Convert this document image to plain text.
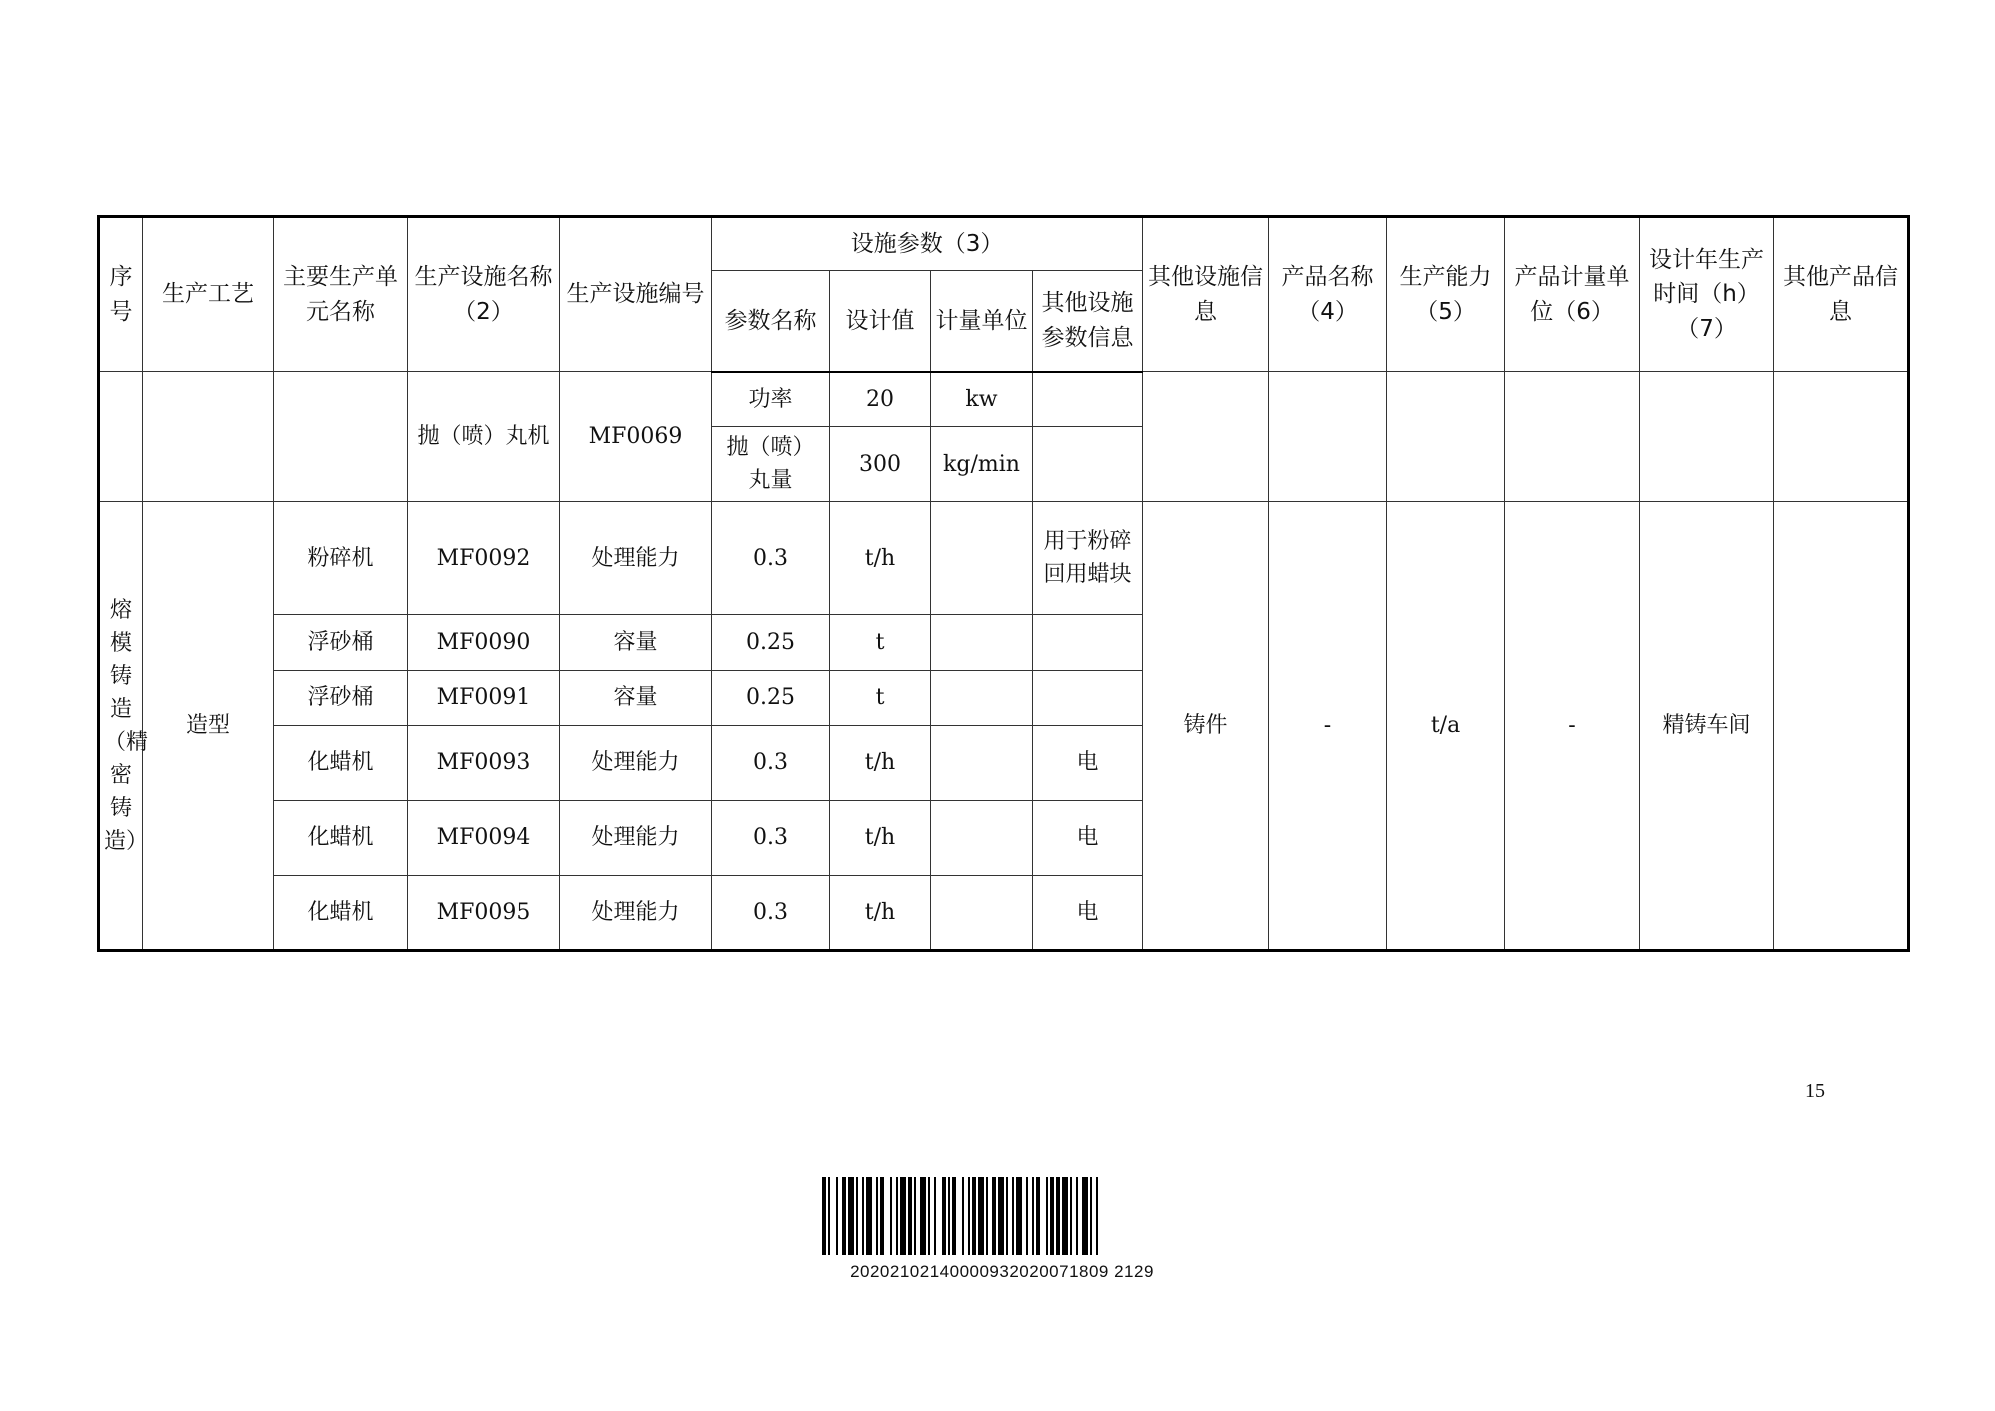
序号	生产工艺	主要生产单元名称	生产设施名称（2）	生产设施编号	设施参数（3）				其他设施信息	产品名称（4）	生产能力（5）	产品计量单位（6）	设计年生产时间（h）（7）	其他产品信息
					参数名称	设计值	计量单位	其他设施参数信息						
			抛（喷）丸机	MF0069	功率	20	kw							
					抛（喷）丸量	300	kg/min							
熔模铸造（精密铸造）	造型	粉碎机	MF0092	处理能力	0.3	t/h		用于粉碎回用蜡块	铸件	-	t/a	-	精铸车间	
		浮砂桶	MF0090	容量	0.25	t								
		浮砂桶	MF0091	容量	0.25	t								
		化蜡机	MF0093	处理能力	0.3	t/h		电						
		化蜡机	MF0094	处理能力	0.3	t/h		电						
		化蜡机	MF0095	处理能力	0.3	t/h		电						
15
20202102140000932020071809 2129
